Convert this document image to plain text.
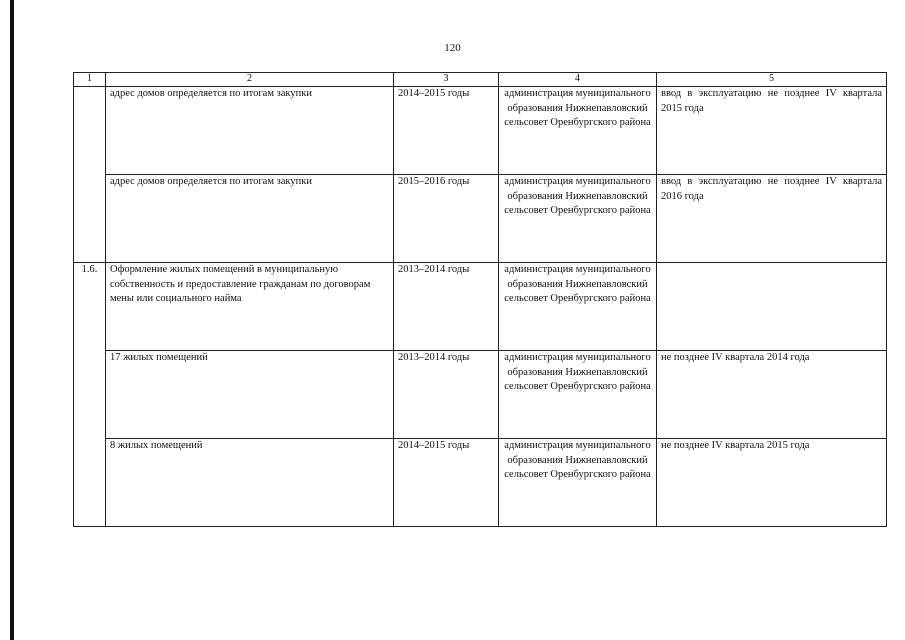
120
1	2	3	4	5
	адрес домов определяется по итогам закупки	2014–2015 годы	администрация муниципального образования Нижнепавловский сельсовет Оренбургского района	ввод в эксплуатацию не позднее IV квартала 2015 года
	адрес домов определяется по итогам закупки	2015–2016 годы	администрация муниципального образования Нижнепавловский сельсовет Оренбургского района	ввод в эксплуатацию не позднее IV квартала 2016 года
1.6.	Оформление жилых помещений в муниципальную собственность и предоставление гражданам по договорам мены или социального найма	2013–2014 годы	администрация муниципального образования Нижнепавловский сельсовет Оренбургского района	
	17 жилых помещений	2013–2014 годы	администрация муниципального образования Нижнепавловский сельсовет Оренбургского района	не позднее IV квартала 2014 года
	8 жилых помещений	2014–2015 годы	администрация муниципального образования Нижнепавловский сельсовет Оренбургского района	не позднее IV квартала 2015 года
